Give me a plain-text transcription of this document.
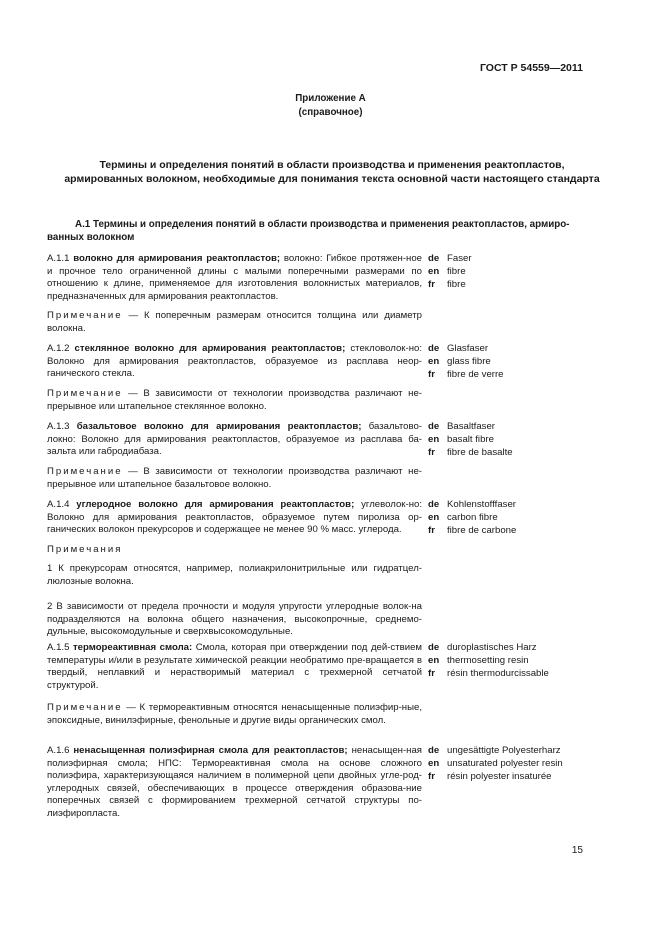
ГОСТ Р 54559—2011
Приложение А
(справочное)
Термины и определения понятий в области производства и применения реактопластов, армированных волокном, необходимые для понимания текста основной части настоящего стандарта
А.1 Термины и определения понятий в области производства и применения реактопластов, армиро-ванных волокном
А.1.1 волокно для армирования реактопластов; волокно: Гибкое протяжен-ное и прочное тело ограниченной длины с малыми поперечными размерами по отношению к длине, применяемое для изготовления волокнистых материалов, предназначенных для армирования реактопластов.
de Faser
en fibre
fr fibre
Примечание — К поперечным размерам относится толщина или диаметр волокна.
А.1.2 стеклянное волокно для армирования реактопластов; стекловолок-но: Волокно для армирования реактопластов, образуемое из расплава неор-ганического стекла.
de Glasfaser
en glass fibre
fr fibre de verre
Примечание — В зависимости от технологии производства различают не-прерывное или штапельное стеклянное волокно.
А.1.3 базальтовое волокно для армирования реактопластов; базальтово-локно: Волокно для армирования реактопластов, образуемое из расплава ба-зальта или габродиабаза.
de Basaltfaser
en basalt fibre
fr fibre de basalte
Примечание — В зависимости от технологии производства различают не-прерывное или штапельное базальтовое волокно.
А.1.4 углеродное волокно для армирования реактопластов; углеволок-но: Волокно для армирования реактопластов, образуемое путем пиролиза ор-ганических волокон прекурсоров и содержащее не менее 90 % масс. углерода.
de Kohlenstofffaser
en carbon fibre
fr fibre de carbone
Примечания
1 К прекурсорам относятся, например, полиакрилонитрильные или гидратцел-люлозные волокна.
2 В зависимости от предела прочности и модуля упругости углеродные волок-на подразделяются на волокна общего назначения, высокопрочные, среднемо-дульные, высокомодульные и сверхвысокомодульные.
А.1.5 термореактивная смола: Смола, которая при отверждении под дей-ствием температуры и/или в результате химической реакции необратимо пре-вращается в твердый, неплавкий и нерастворимый материал с трехмерной сетчатой структурой.
de duroplastisches Harz
en thermosetting resin
fr résin thermodurcissable
Примечание — К термореактивным относятся ненасыщенные полиэфир-ные, эпоксидные, винилэфирные, фенольные и другие виды органических смол.
А.1.6 ненасыщенная полиэфирная смола для реактопластов; ненасыщен-ная полиэфирная смола; НПС: Термореактивная смола на основе сложного полиэфира, характеризующаяся наличием в полимерной цепи двойных угле-род-углеродных связей, обеспечивающих в процессе отверждения образова-ние поперечных связей с формированием трехмерной сетчатой структуры по-лиэфиропласта.
de ungesättigte Polyesterharz
en unsaturated polyester resin
fr résin polyester insaturée
15
